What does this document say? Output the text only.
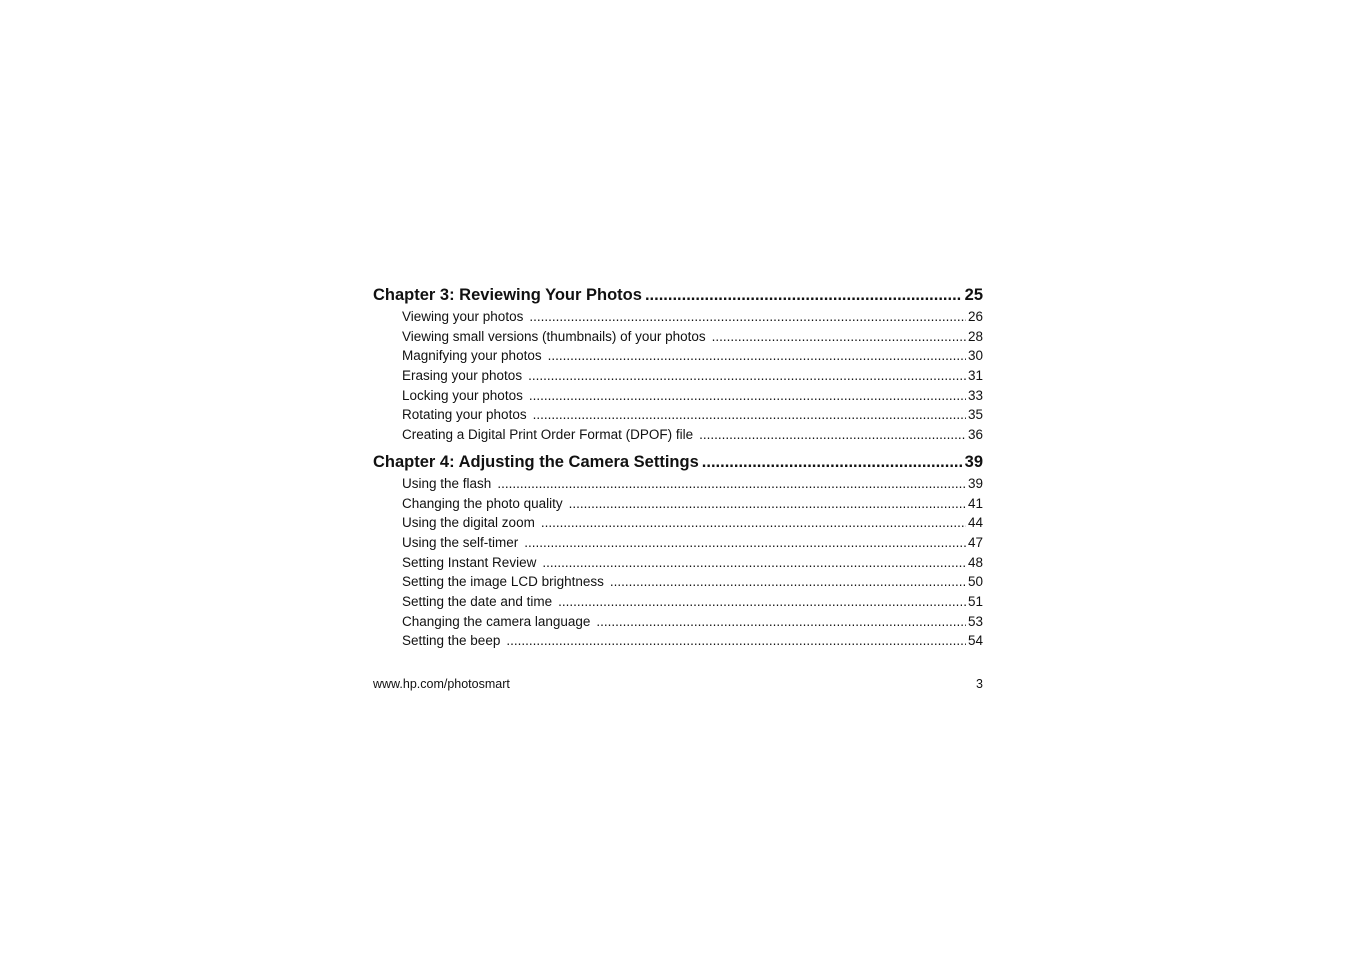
Chapter 3: Reviewing Your Photos .....	25
Viewing your photos .....	26
Viewing small versions (thumbnails) of your photos .....	28
Magnifying your photos .....	30
Erasing your photos .....	31
Locking your photos .....	33
Rotating your photos .....	35
Creating a Digital Print Order Format (DPOF) file .....	36
Chapter 4: Adjusting the Camera Settings .....	39
Using the flash .....	39
Changing the photo quality .....	41
Using the digital zoom .....	44
Using the self-timer .....	47
Setting Instant Review .....	48
Setting the image LCD brightness .....	50
Setting the date and time .....	51
Changing the camera language .....	53
Setting the beep .....	54
www.hp.com/photosmart	3
